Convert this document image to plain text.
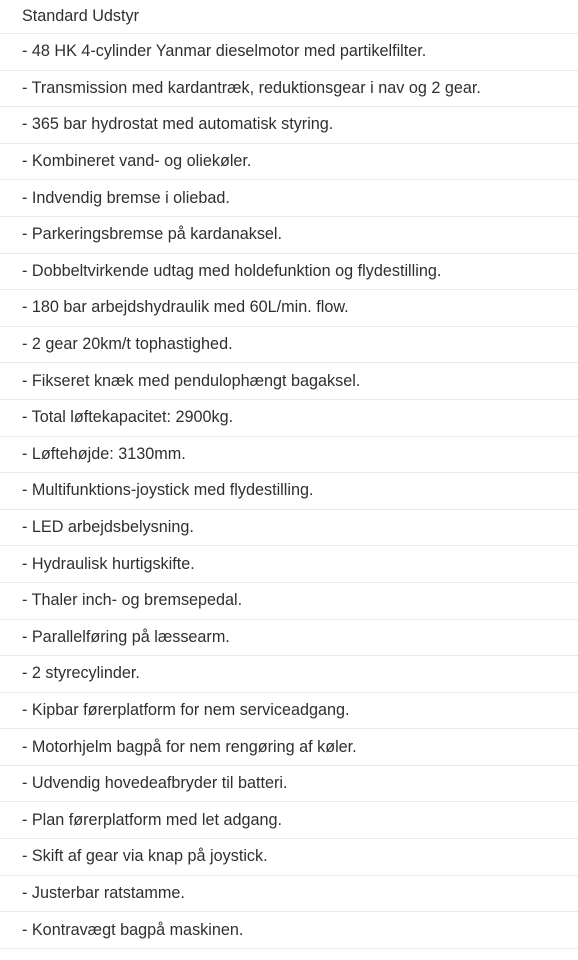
Standard Udstyr
- 48 HK 4-cylinder Yanmar dieselmotor med partikelfilter.
- Transmission med kardantræk, reduktionsgear i nav og 2 gear.
- 365 bar hydrostat med automatisk styring.
- Kombineret vand- og oliekøler.
- Indvendig bremse i oliebad.
- Parkeringsbremse på kardanaksel.
- Dobbeltvirkende udtag med holdefunktion og flydestilling.
- 180 bar arbejdshydraulik med 60L/min. flow.
- 2 gear 20km/t tophastighed.
- Fikseret knæk med pendulophængt bagaksel.
- Total løftekapacitet: 2900kg.
- Løftehøjde: 3130mm.
- Multifunktions-joystick med flydestilling.
- LED arbejdsbelysning.
- Hydraulisk hurtigskifte.
- Thaler inch- og bremsepedal.
- Parallelføring på læssearm.
- 2 styrecylinder.
- Kipbar førerplatform for nem serviceadgang.
- Motorhjelm bagpå for nem rengøring af køler.
- Udvendig hovedeafbryder til batteri.
- Plan førerplatform med let adgang.
- Skift af gear via knap på joystick.
- Justerbar ratstamme.
- Kontravægt bagpå maskinen.
